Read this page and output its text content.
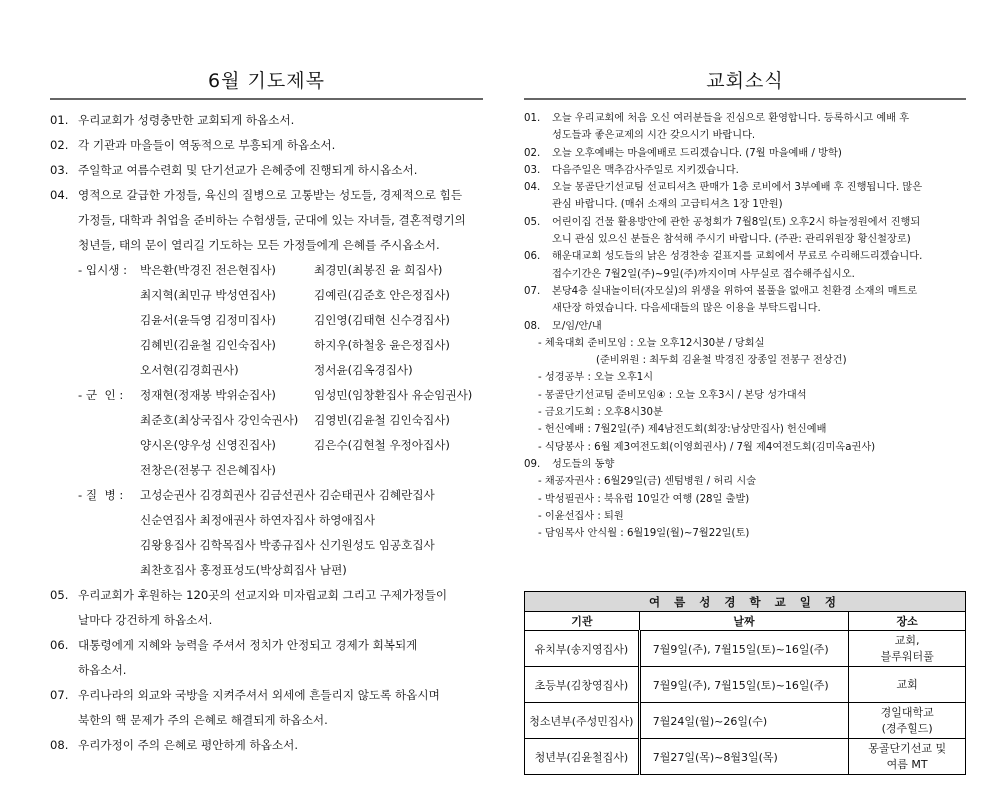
6월 기도제목
01. 우리교회가 성령충만한 교회되게 하옵소서.
02. 각 기관과 마을들이 역동적으로 부흥되게 하옵소서.
03. 주일학교 여름수련회 및 단기선교가 은혜중에 진행되게 하시옵소서.
04. 영적으로 갈급한 가정들, 육신의 질병으로 고통받는 성도들, 경제적으로 힘든
가정들, 대학과 취업을 준비하는 수험생들, 군대에 있는 자녀들, 결혼적령기의
청년들, 태의 문이 열리길 기도하는 모든 가정들에게 은혜를 주시옵소서.
- 입시생 :	박은환(박경진 전은현집사)	최경민(최봉진 윤 희집사)
최지혁(최민규 박성연집사)	김예린(김준호 안은정집사)
김윤서(윤득영 김정미집사)	김인영(김태현 신수경집사)
김혜빈(김윤철 김인숙집사)	하지우(하철웅 윤은정집사)
오서현(김경희권사)	정서윤(김옥경집사)
- 군  인 :	정재현(정재봉 박위순집사)	임성민(임창환집사 유순임권사)
최준호(최상국집사 강인숙권사)	김영빈(김윤철 김인숙집사)
양시온(양우성 신영진집사)	김은수(김현철 우정아집사)
전창은(전봉구 진은혜집사)
- 질  병 :	고성순권사 김경희권사 김금선권사 김순태권사 김혜란집사
신순연집사 최정애권사 하연자집사 하영애집사
김왕용집사 김학목집사 박종규집사 신기원성도 임공호집사
최찬호집사 홍정표성도(박상희집사 남편)
05. 우리교회가 후원하는 120곳의 선교지와 미자립교회 그리고 구제가정들이
날마다 강건하게 하옵소서.
06. 대통령에게 지혜와 능력을 주셔서 정치가 안정되고 경제가 회복되게
하옵소서.
07. 우리나라의 외교와 국방을 지켜주셔서 외세에 흔들리지 않도록 하옵시며
북한의 핵 문제가 주의 은혜로 해결되게 하옵소서.
08. 우리가정이 주의 은혜로 평안하게 하옵소서.
교회소식
01.	오늘 우리교회에 처음 오신 여러분들을 진심으로 환영합니다. 등록하시고 예배 후
성도들과 좋은교제의 시간 갖으시기 바랍니다.
02.	오늘 오후예배는 마을예배로 드리겠습니다. (7월 마을예배 / 방학)
03.	다음주일은 맥추감사주일로 지키겠습니다.
04.	오늘 몽골단기선교팀 선교티셔츠 판매가 1층 로비에서 3부예배 후 진행됩니다. 많은
관심 바랍니다. (매쉬 소재의 고급티셔츠 1장 1만원)
05.	어린이집 건물 활용방안에 관한 공청회가 7월8일(토) 오후2시 하늘정원에서 진행되
오니 관심 있으신 분들은 참석해 주시기 바랍니다. (주관: 관리위원장 황신철장로)
06.	해운대교회 성도들의 낡은 성경찬송 겉표지를 교회에서 무료로 수리해드리겠습니다.
접수기간은 7월2일(주)~9일(주)까지이며 사무실로 접수해주십시오.
07.	본당4층 실내놀이터(자모실)의 위생을 위하여 볼풀을 없애고 친환경 소재의 매트로
새단장 하였습니다. 다음세대들의 많은 이용을 부탁드립니다.
08.	모/임/안/내
- 체육대회 준비모임 : 오늘 오후12시30분 / 당회실
(준비위원 : 최두희 김윤철 박경진 장종일 전봉구 전상건)
- 성경공부 : 오늘 오후1시
- 몽골단기선교팀 준비모임④ : 오늘 오후3시 / 본당 성가대석
- 금요기도회 : 오후8시30분
- 헌신예배 : 7월2일(주) 제4남전도회(회장:남상만집사) 헌신예배
- 식당봉사 : 6월 제3여전도회(이영희권사) / 7월 제4여전도회(김미옥a권사)
09.	성도들의 동향
- 채공자권사 : 6월29일(금) 센텀병원 / 허리 시술
- 박성필권사 : 북유럽 10일간 여행 (28일 출발)
- 이윤선집사 : 퇴원
- 담임목사 안식월 : 6월19일(월)~7월22일(토)
여 름 성 경 학 교 일 정		
기관	날짜	장소
유치부(송지영집사)	7월9일(주), 7월15일(토)~16일(주)	교회,
블루워터풀

초등부(김창영집사)	7월9일(주), 7월15일(토)~16일(주)	교회

청소년부(주성민집사)	7월24일(월)~26일(수)	경일대학교
(경주힐드)

청년부(김윤철집사)	7월27일(목)~8월3일(목)	몽골단기선교 및
여름 MT
